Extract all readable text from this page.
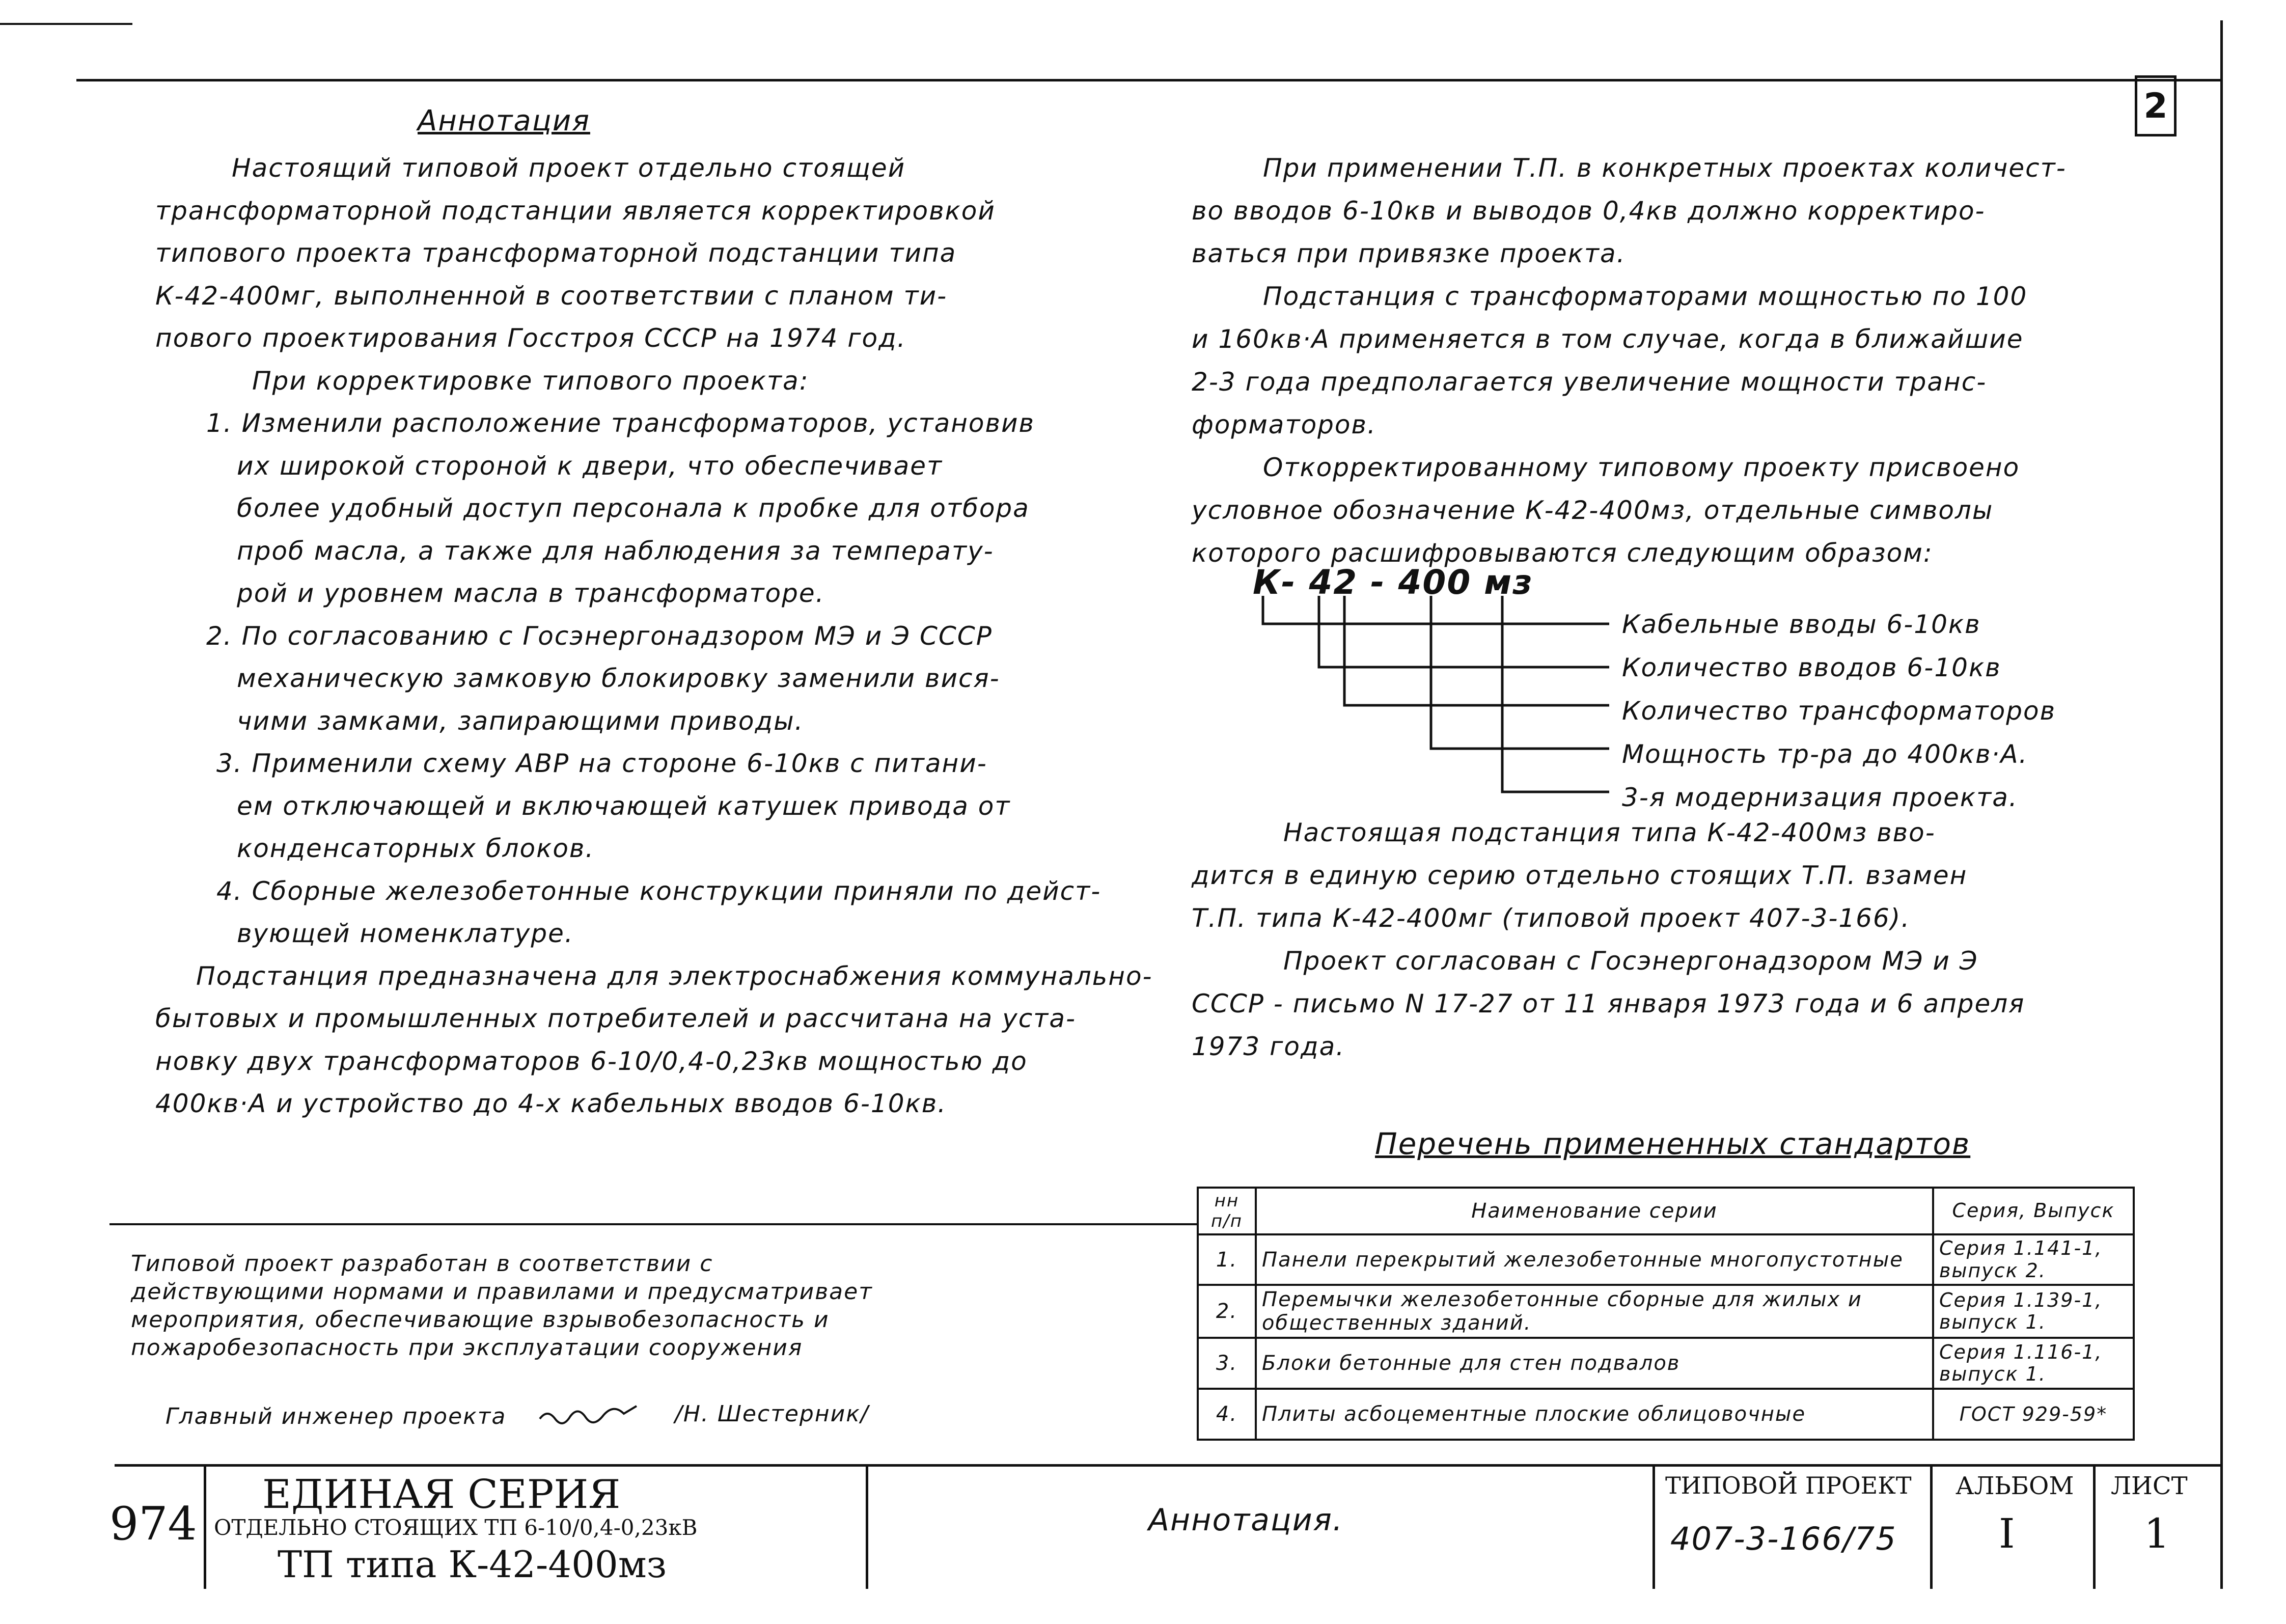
2
Аннотация
Настоящий типовой проект отдельно стоящей
трансформаторной подстанции является корректировкой
типового проекта трансформаторной подстанции типа
К-42-400мг, выполненной в соответствии с планом ти-
пового проектирования Госстроя СССР на 1974 год.
При корректировке типового проекта:
1. Изменили расположение трансформаторов, установив
их широкой стороной к двери, что обеспечивает
более удобный доступ персонала к пробке для отбора
проб масла, а также для наблюдения за температу-
рой и уровнем масла в трансформаторе.
2. По согласованию с Госэнергонадзором МЭ и Э СССР
механическую замковую блокировку заменили вися-
чими замками, запирающими приводы.
3. Применили схему АВР на стороне 6-10кв с питани-
ем отключающей и включающей катушек привода от
конденсаторных блоков.
4. Сборные железобетонные конструкции приняли по дейст-
вующей номенклатуре.
Подстанция предназначена для электроснабжения коммунально-
бытовых и промышленных потребителей и рассчитана на уста-
новку двух трансформаторов 6-10/0,4-0,23кв мощностью до
400кв·А и устройство до 4-х кабельных вводов 6-10кв.
При применении Т.П. в конкретных проектах количест-
во вводов 6-10кв и выводов 0,4кв должно корректиро-
ваться при привязке проекта.
Подстанция с трансформаторами мощностью по 100
и 160кв·А применяется в том случае, когда в ближайшие
2-3 года предполагается увеличение мощности транс-
форматоров.
Откорректированному типовому проекту присвоено
условное обозначение К-42-400мз, отдельные символы
которого расшифровываются следующим образом:
К- 42 - 400 мз
Кабельные вводы 6-10кв
Количество вводов 6-10кв
Количество трансформаторов
Мощность тр-ра до 400кв·А.
3-я модернизация проекта.
Настоящая подстанция типа К-42-400мз вво-
дится в единую серию отдельно стоящих Т.П. взамен
Т.П. типа К-42-400мг (типовой проект 407-3-166).
Проект согласован с Госэнергонадзором МЭ и Э
СССР - письмо N 17-27 от 11 января 1973 года и 6 апреля
1973 года.
Перечень примененных стандартов
нн п/п	Наименование серии	Серия, Выпуск
1.	Панели перекрытий железобетонные многопустотные	Серия 1.141-1, выпуск 2.
2.	Перемычки железобетонные сборные для жилых и общественных зданий.	Серия 1.139-1, выпуск 1.
3.	Блоки бетонные для стен подвалов	Серия 1.116-1, выпуск 1.
4.	Плиты асбоцементные плоские облицовочные	ГОСТ 929-59*
Типовой проект разработан в соответствии с
действующими нормами и правилами и предусматривает
мероприятия, обеспечивающие взрывобезопасность и
пожаробезопасность при эксплуатации сооружения
Главный инженер проекта	/Н. Шестерник/
974
ЕДИНАЯ СЕРИЯ
ОТДЕЛЬНО СТОЯЩИХ ТП 6-10/0,4-0,23кВ
ТП типа К-42-400мз
Аннотация.
ТИПОВОЙ ПРОЕКТ
407-3-166/75
АЛЬБОМ
I
ЛИСТ
1
